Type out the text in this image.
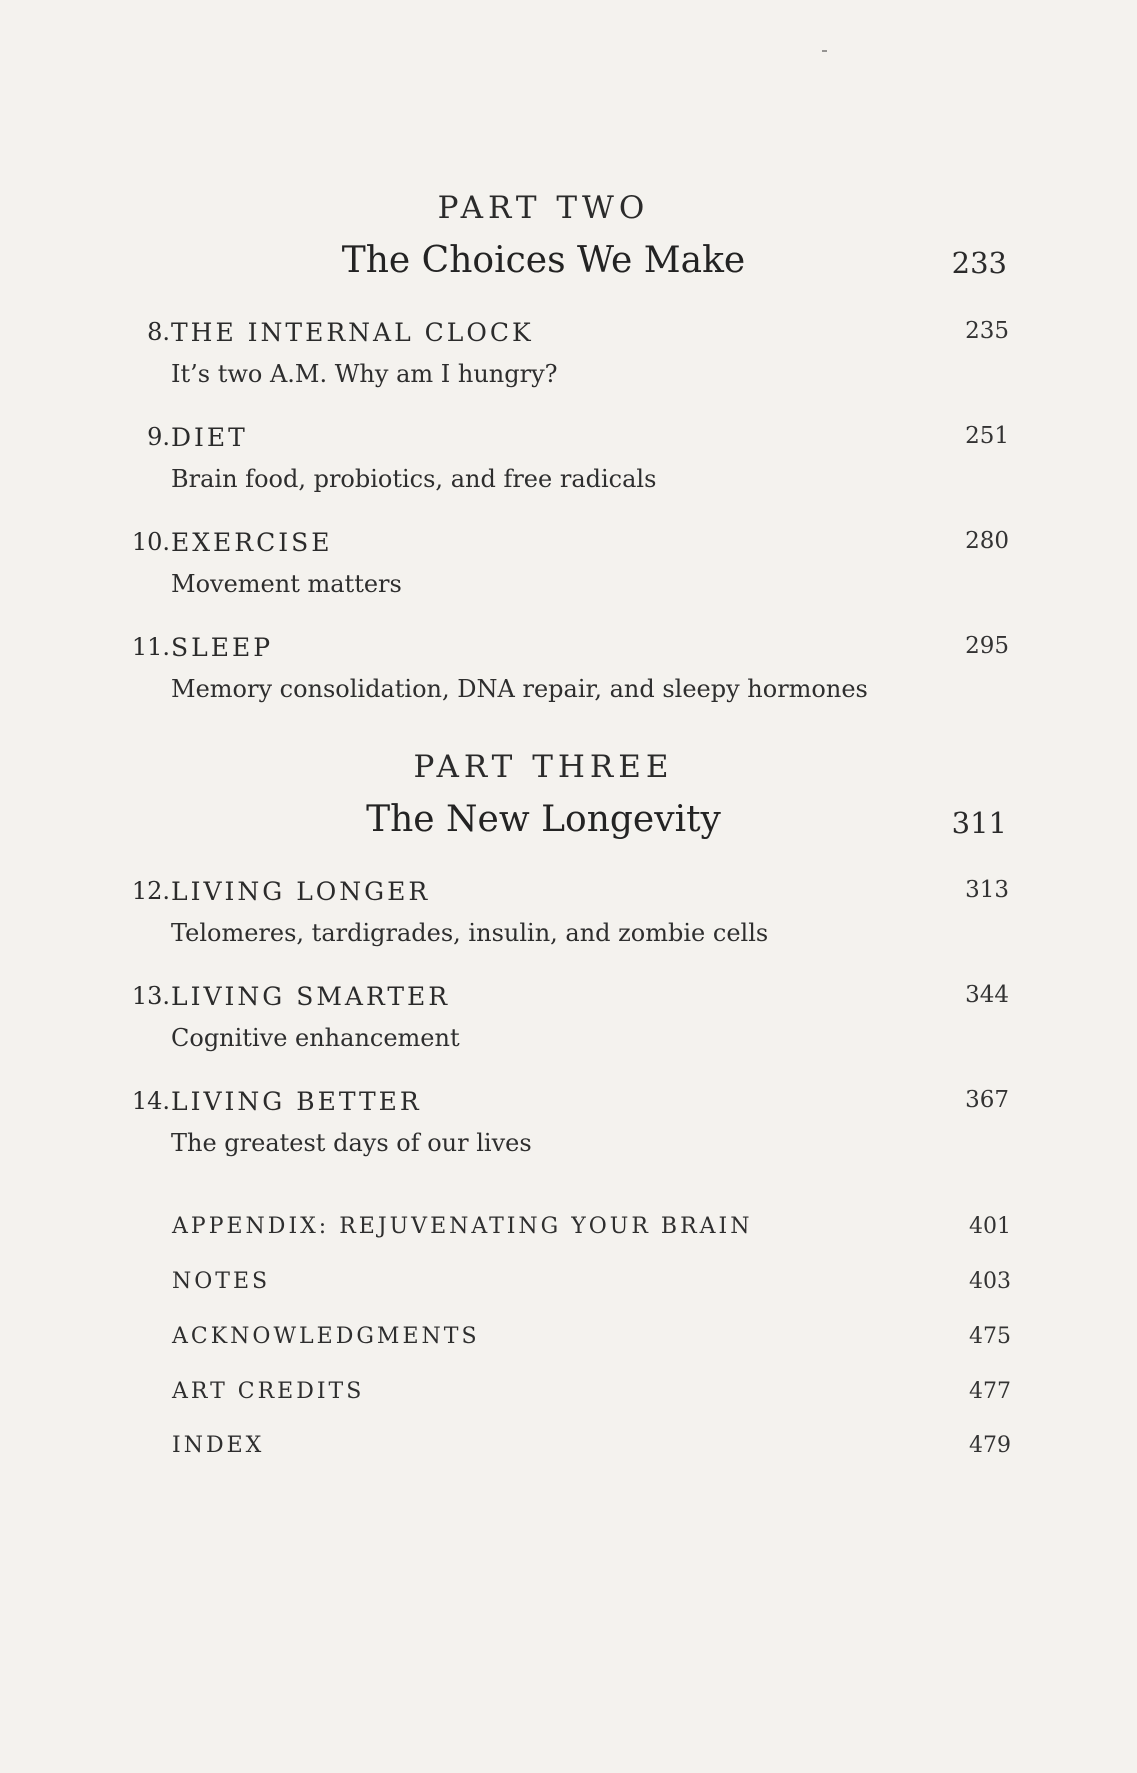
PART TWO
The Choices We Make	233
8. THE INTERNAL CLOCK	235
It’s two A.M. Why am I hungry?
9. DIET	251
Brain food, probiotics, and free radicals
10. EXERCISE	280
Movement matters
11. SLEEP	295
Memory consolidation, DNA repair, and sleepy hormones
PART THREE
The New Longevity	311
12. LIVING LONGER	313
Telomeres, tardigrades, insulin, and zombie cells
13. LIVING SMARTER	344
Cognitive enhancement
14. LIVING BETTER	367
The greatest days of our lives
APPENDIX: REJUVENATING YOUR BRAIN	401
NOTES	403
ACKNOWLEDGMENTS	475
ART CREDITS	477
INDEX	479
